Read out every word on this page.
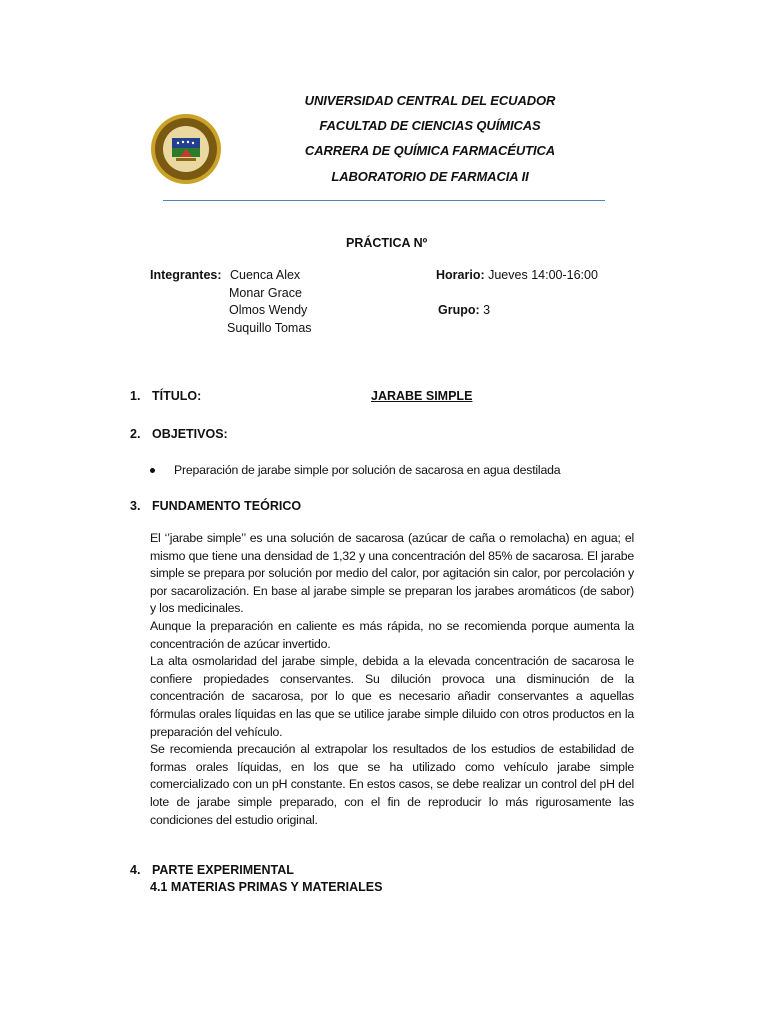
UNIVERSIDAD CENTRAL DEL ECUADOR
FACULTAD DE CIENCIAS QUÍMICAS
CARRERA DE QUÍMICA FARMACÉUTICA
LABORATORIO DE FARMACIA II
PRÁCTICA Nº
Integrantes: Cuenca Alex
Monar Grace
Olmos Wendy
Suquillo Tomas
Horario: Jueves 14:00-16:00
Grupo: 3
1. TÍTULO:	JARABE SIMPLE
2. OBJETIVOS:
Preparación de jarabe simple por solución de sacarosa en agua destilada
3. FUNDAMENTO TEÓRICO

El ‘’jarabe simple’’ es una solución de sacarosa (azúcar de caña o remolacha) en agua; el mismo que tiene una densidad de 1,32 y una concentración del 85% de sacarosa. El jarabe simple se prepara por solución por medio del calor, por agitación sin calor, por percolación y por sacarolización. En base al jarabe simple se preparan los jarabes aromáticos (de sabor) y los medicinales.

Aunque la preparación en caliente es más rápida, no se recomienda porque aumenta la concentración de azúcar invertido.

La alta osmolaridad del jarabe simple, debida a la elevada concentración de sacarosa le confiere propiedades conservantes. Su dilución provoca una disminución de la concentración de sacarosa, por lo que es necesario añadir conservantes a aquellas fórmulas orales líquidas en las que se utilice jarabe simple diluido con otros productos en la preparación del vehículo.

Se recomienda precaución al extrapolar los resultados de los estudios de estabilidad de formas orales líquidas, en los que se ha utilizado como vehículo jarabe simple comercializado con un pH constante. En estos casos, se debe realizar un control del pH del lote de jarabe simple preparado, con el fin de reproducir lo más rigurosamente las condiciones del estudio original.

4. PARTE EXPERIMENTAL
4.1 MATERIAS PRIMAS Y MATERIALES
